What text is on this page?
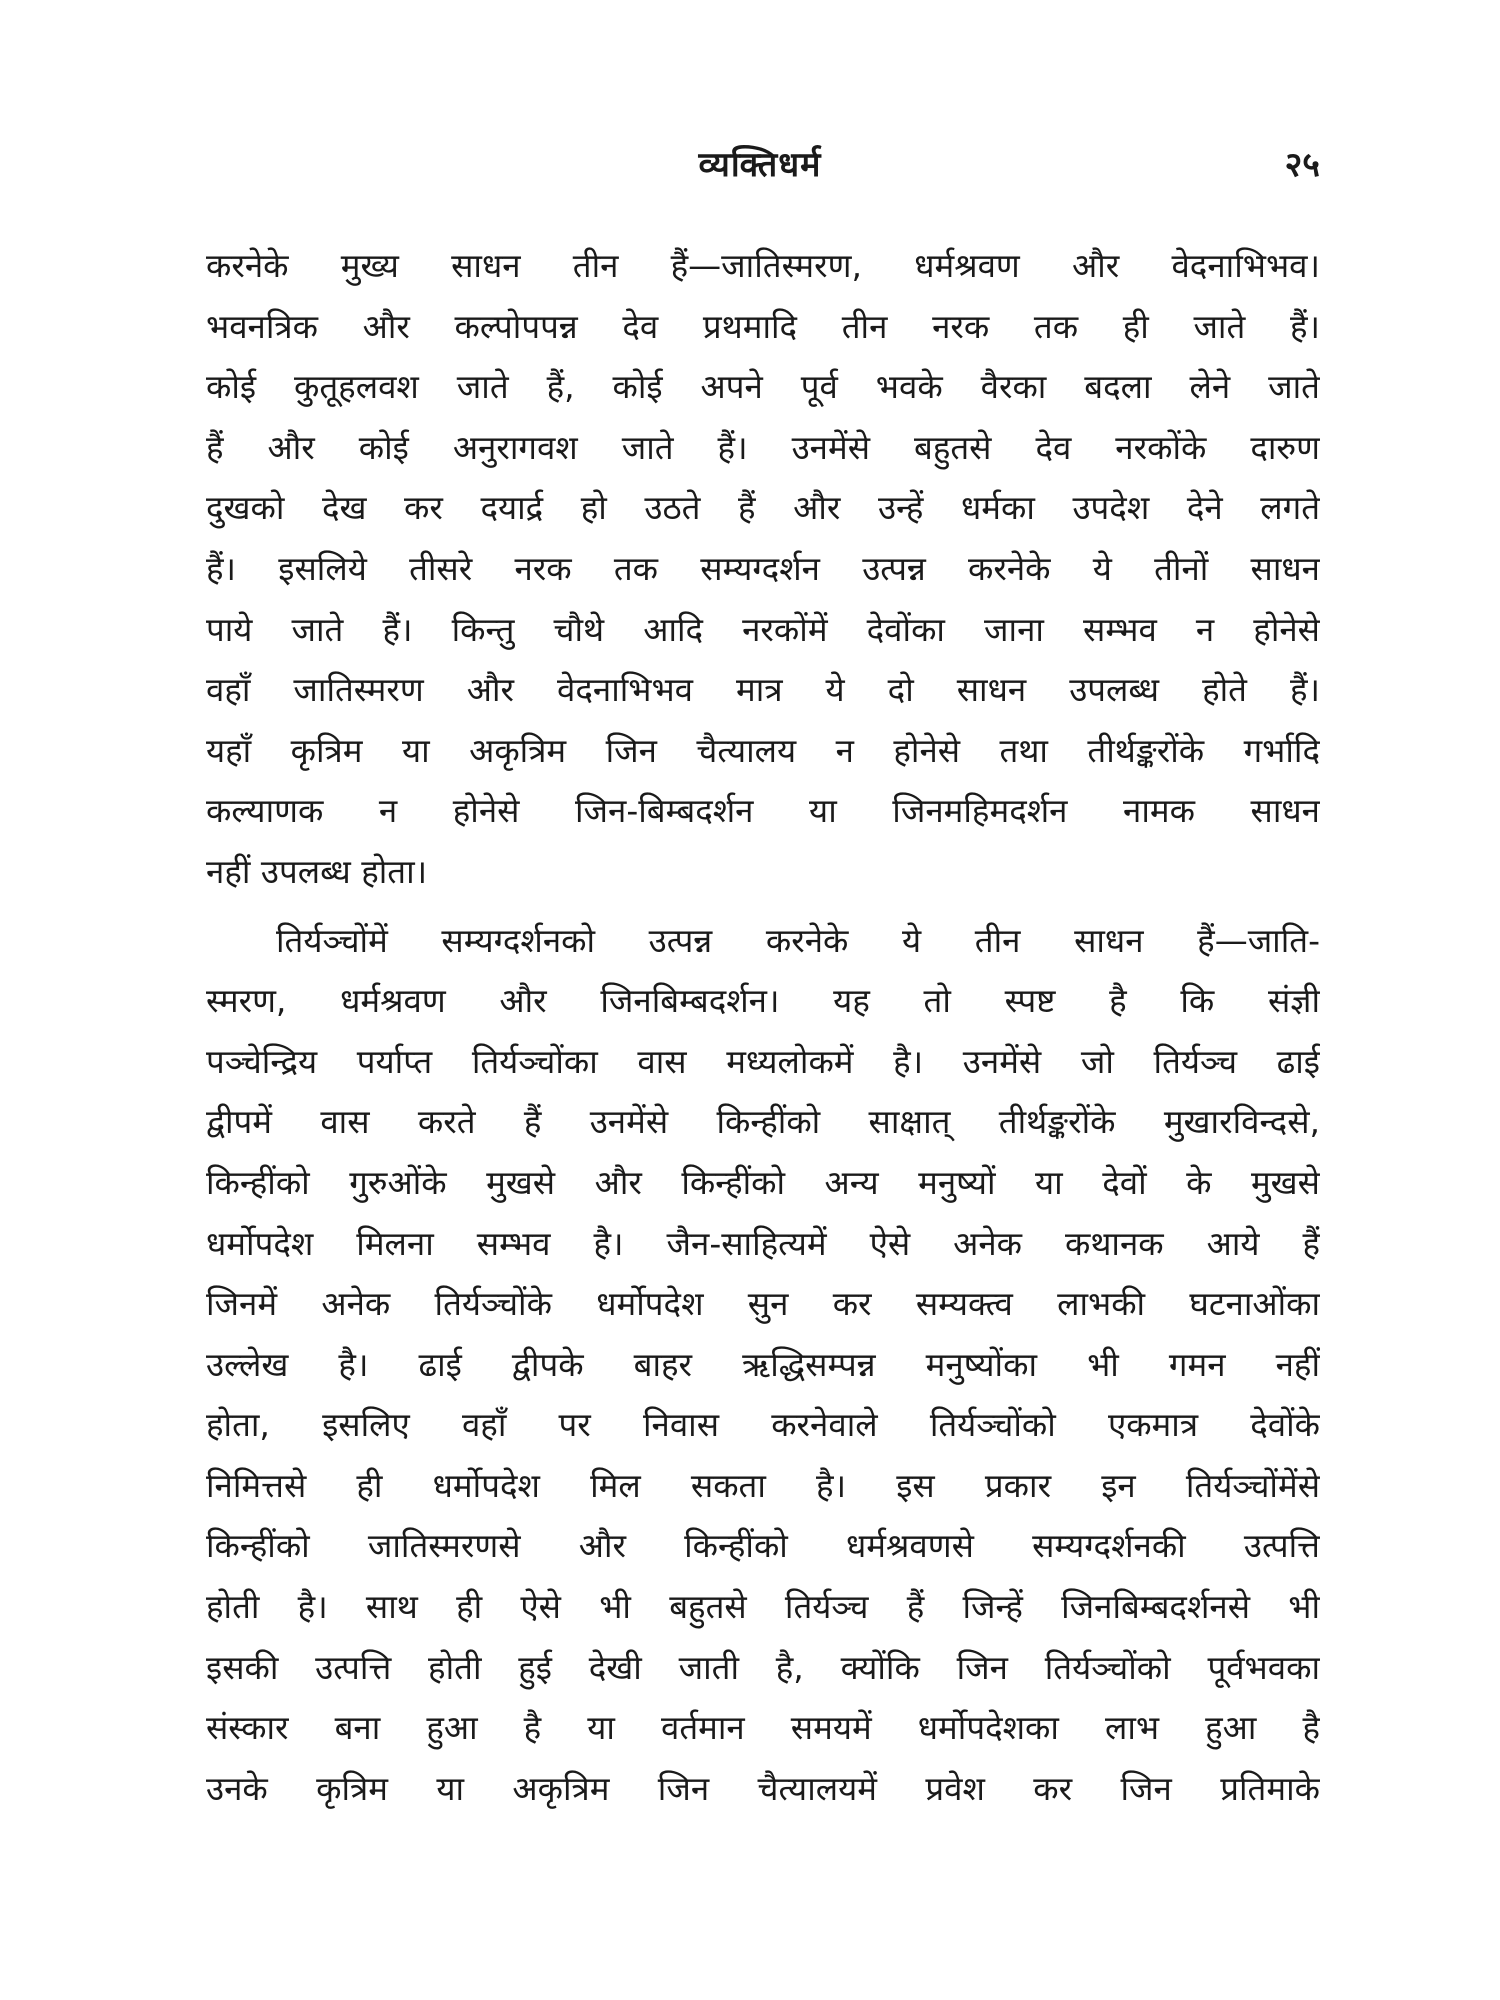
व्यक्तिधर्म	२५

करनेके मुख्य साधन तीन हैं—जातिस्मरण, धर्मश्रवण और वेदनाभिभव।
भवनत्रिक और कल्पोपपन्न देव प्रथमादि तीन नरक तक ही जाते हैं।
कोई कुतूहलवश जाते हैं, कोई अपने पूर्व भवके वैरका बदला लेने जाते
हैं और कोई अनुरागवश जाते हैं। उनमेंसे बहुतसे देव नरकोंके दारुण
दुखको देख कर दयार्द्र हो उठते हैं और उन्हें धर्मका उपदेश देने लगते
हैं। इसलिये तीसरे नरक तक सम्यग्दर्शन उत्पन्न करनेके ये तीनों साधन
पाये जाते हैं। किन्तु चौथे आदि नरकोंमें देवोंका जाना सम्भव न होनेसे
वहाँ जातिस्मरण और वेदनाभिभव मात्र ये दो साधन उपलब्ध होते हैं।
यहाँ कृत्रिम या अकृत्रिम जिन चैत्यालय न होनेसे तथा तीर्थङ्करोंके गर्भादि
कल्याणक न होनेसे जिन-बिम्बदर्शन या जिनमहिमदर्शन नामक साधन
नहीं उपलब्ध होता।

तिर्यञ्चोंमें सम्यग्दर्शनको उत्पन्न करनेके ये तीन साधन हैं—जाति-
स्मरण, धर्मश्रवण और जिनबिम्बदर्शन। यह तो स्पष्ट है कि संज्ञी
पञ्चेन्द्रिय पर्याप्त तिर्यञ्चोंका वास मध्यलोकमें है। उनमेंसे जो तिर्यञ्च ढाई
द्वीपमें वास करते हैं उनमेंसे किन्हींको साक्षात् तीर्थङ्करोंके मुखारविन्दसे,
किन्हींको गुरुओंके मुखसे और किन्हींको अन्य मनुष्यों या देवों के मुखसे
धर्मोपदेश मिलना सम्भव है। जैन-साहित्यमें ऐसे अनेक कथानक आये हैं
जिनमें अनेक तिर्यञ्चोंके धर्मोपदेश सुन कर सम्यक्त्व लाभकी घटनाओंका
उल्लेख है। ढाई द्वीपके बाहर ऋद्धिसम्पन्न मनुष्योंका भी गमन नहीं
होता, इसलिए वहाँ पर निवास करनेवाले तिर्यञ्चोंको एकमात्र देवोंके
निमित्तसे ही धर्मोपदेश मिल सकता है। इस प्रकार इन तिर्यञ्चोंमेंसे
किन्हींको जातिस्मरणसे और किन्हींको धर्मश्रवणसे सम्यग्दर्शनकी उत्पत्ति
होती है। साथ ही ऐसे भी बहुतसे तिर्यञ्च हैं जिन्हें जिनबिम्बदर्शनसे भी
इसकी उत्पत्ति होती हुई देखी जाती है, क्योंकि जिन तिर्यञ्चोंको पूर्वभवका
संस्कार बना हुआ है या वर्तमान समयमें धर्मोपदेशका लाभ हुआ है
उनके कृत्रिम या अकृत्रिम जिन चैत्यालयमें प्रवेश कर जिन प्रतिमाके
